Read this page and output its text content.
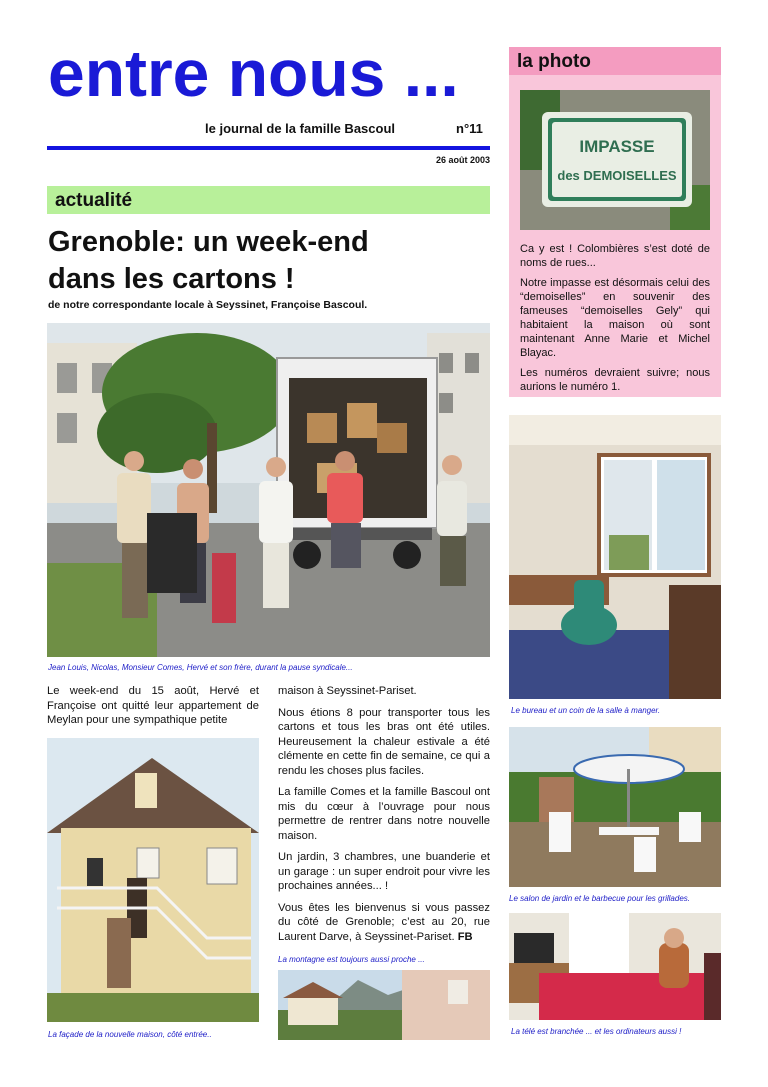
entre nous ...
le journal de la famille Bascoul	n°11
26 août 2003
actualité
Grenoble: un week-end
dans les cartons !
de notre correspondante locale à Seyssinet, Françoise Bascoul.
Jean Louis, Nicolas, Monsieur Comes, Hervé et son frère, durant la pause syndicale...

Le week-end du 15 août, Hervé et Françoise ont quitté leur appartement de Meylan pour une sympathique petite

maison à Seyssinet-Pariset.

Nous étions 8 pour transporter tous les cartons et tous les bras ont été utiles. Heureusement la chaleur estivale a été clémente en cette fin de semaine, ce qui a rendu les choses plus faciles.

La famille Comes et la famille Bascoul ont mis du cœur à l’ouvrage pour nous permettre de rentrer dans notre nouvelle maison.

Un jardin, 3 chambres, une buanderie et un garage : un super endroit pour vivre les prochaines années... !

Vous êtes les bienvenus si vous passez du côté de Grenoble; c’est au 20, rue Laurent Darve, à Seyssinet-Pariset. FB

La façade de la nouvelle maison, côté entrée..
La montagne est toujours aussi proche ...
la photo
IMPASSE
des DEMOISELLES

Ca y est ! Colombières s’est doté de noms de rues...

Notre impasse est désormais celui des “demoiselles” en souvenir des fameuses “demoiselles Gely” qui habitaient la maison où sont maintenant Anne Marie et Michel Blayac.

Les numéros devraient suivre; nous aurions le numéro 1.

Le bureau et un coin de la salle à manger.
Le salon de jardin et le barbecue pour les grillades.
La télé est branchée ... et les ordinateurs aussi !
